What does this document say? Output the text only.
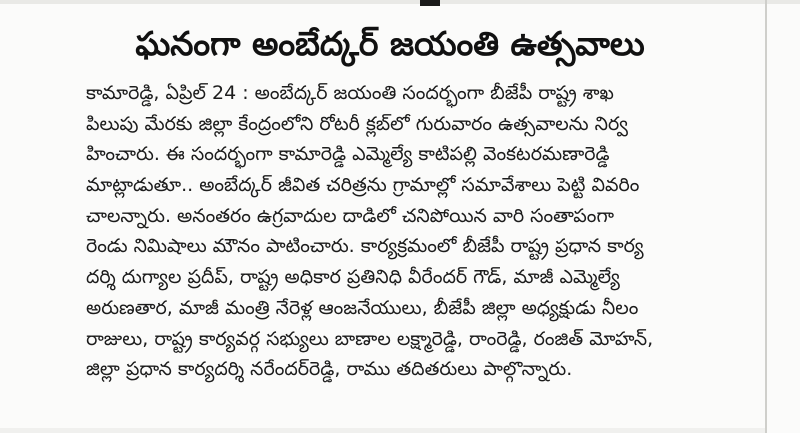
ఘనంగా అంబేద్కర్ జయంతి ఉత్సవాలు
కామారెడ్డి, ఏప్రిల్ 24 : అంబేద్కర్ జయంతి సందర్భంగా బీజేపీ రాష్ట్ర శాఖ
పిలుపు మేరకు జిల్లా కేంద్రంలోని రోటరీ క్లబ్‌లో గురువారం ఉత్సవాలను నిర్వ
హించారు. ఈ సందర్భంగా కామారెడ్డి ఎమ్మెల్యే కాటిపల్లి వెంకటరమణారెడ్డి
మాట్లాడుతూ.. అంబేద్కర్ జీవిత చరిత్రను గ్రామాల్లో సమావేశాలు పెట్టి వివరిం
చాలన్నారు. అనంతరం ఉగ్రవాదుల దాడిలో చనిపోయిన వారి సంతాపంగా
రెండు నిమిషాలు మౌనం పాటించారు. కార్యక్రమంలో బీజేపీ రాష్ట్ర ప్రధాన కార్య
దర్శి దుగ్యాల ప్రదీప్, రాష్ట్ర అధికార ప్రతినిధి వీరేందర్ గౌడ్, మాజీ ఎమ్మెల్యే
అరుణతార, మాజీ మంత్రి నేరెళ్ల ఆంజనేయులు, బీజేపీ జిల్లా అధ్యక్షుడు నీలం
రాజులు, రాష్ట్ర కార్యవర్గ సభ్యులు బాణాల లక్ష్మారెడ్డి, రాంరెడ్డి, రంజిత్ మోహన్,
జిల్లా ప్రధాన కార్యదర్శి నరేందర్‌రెడ్డి, రాము తదితరులు పాల్గొన్నారు.
